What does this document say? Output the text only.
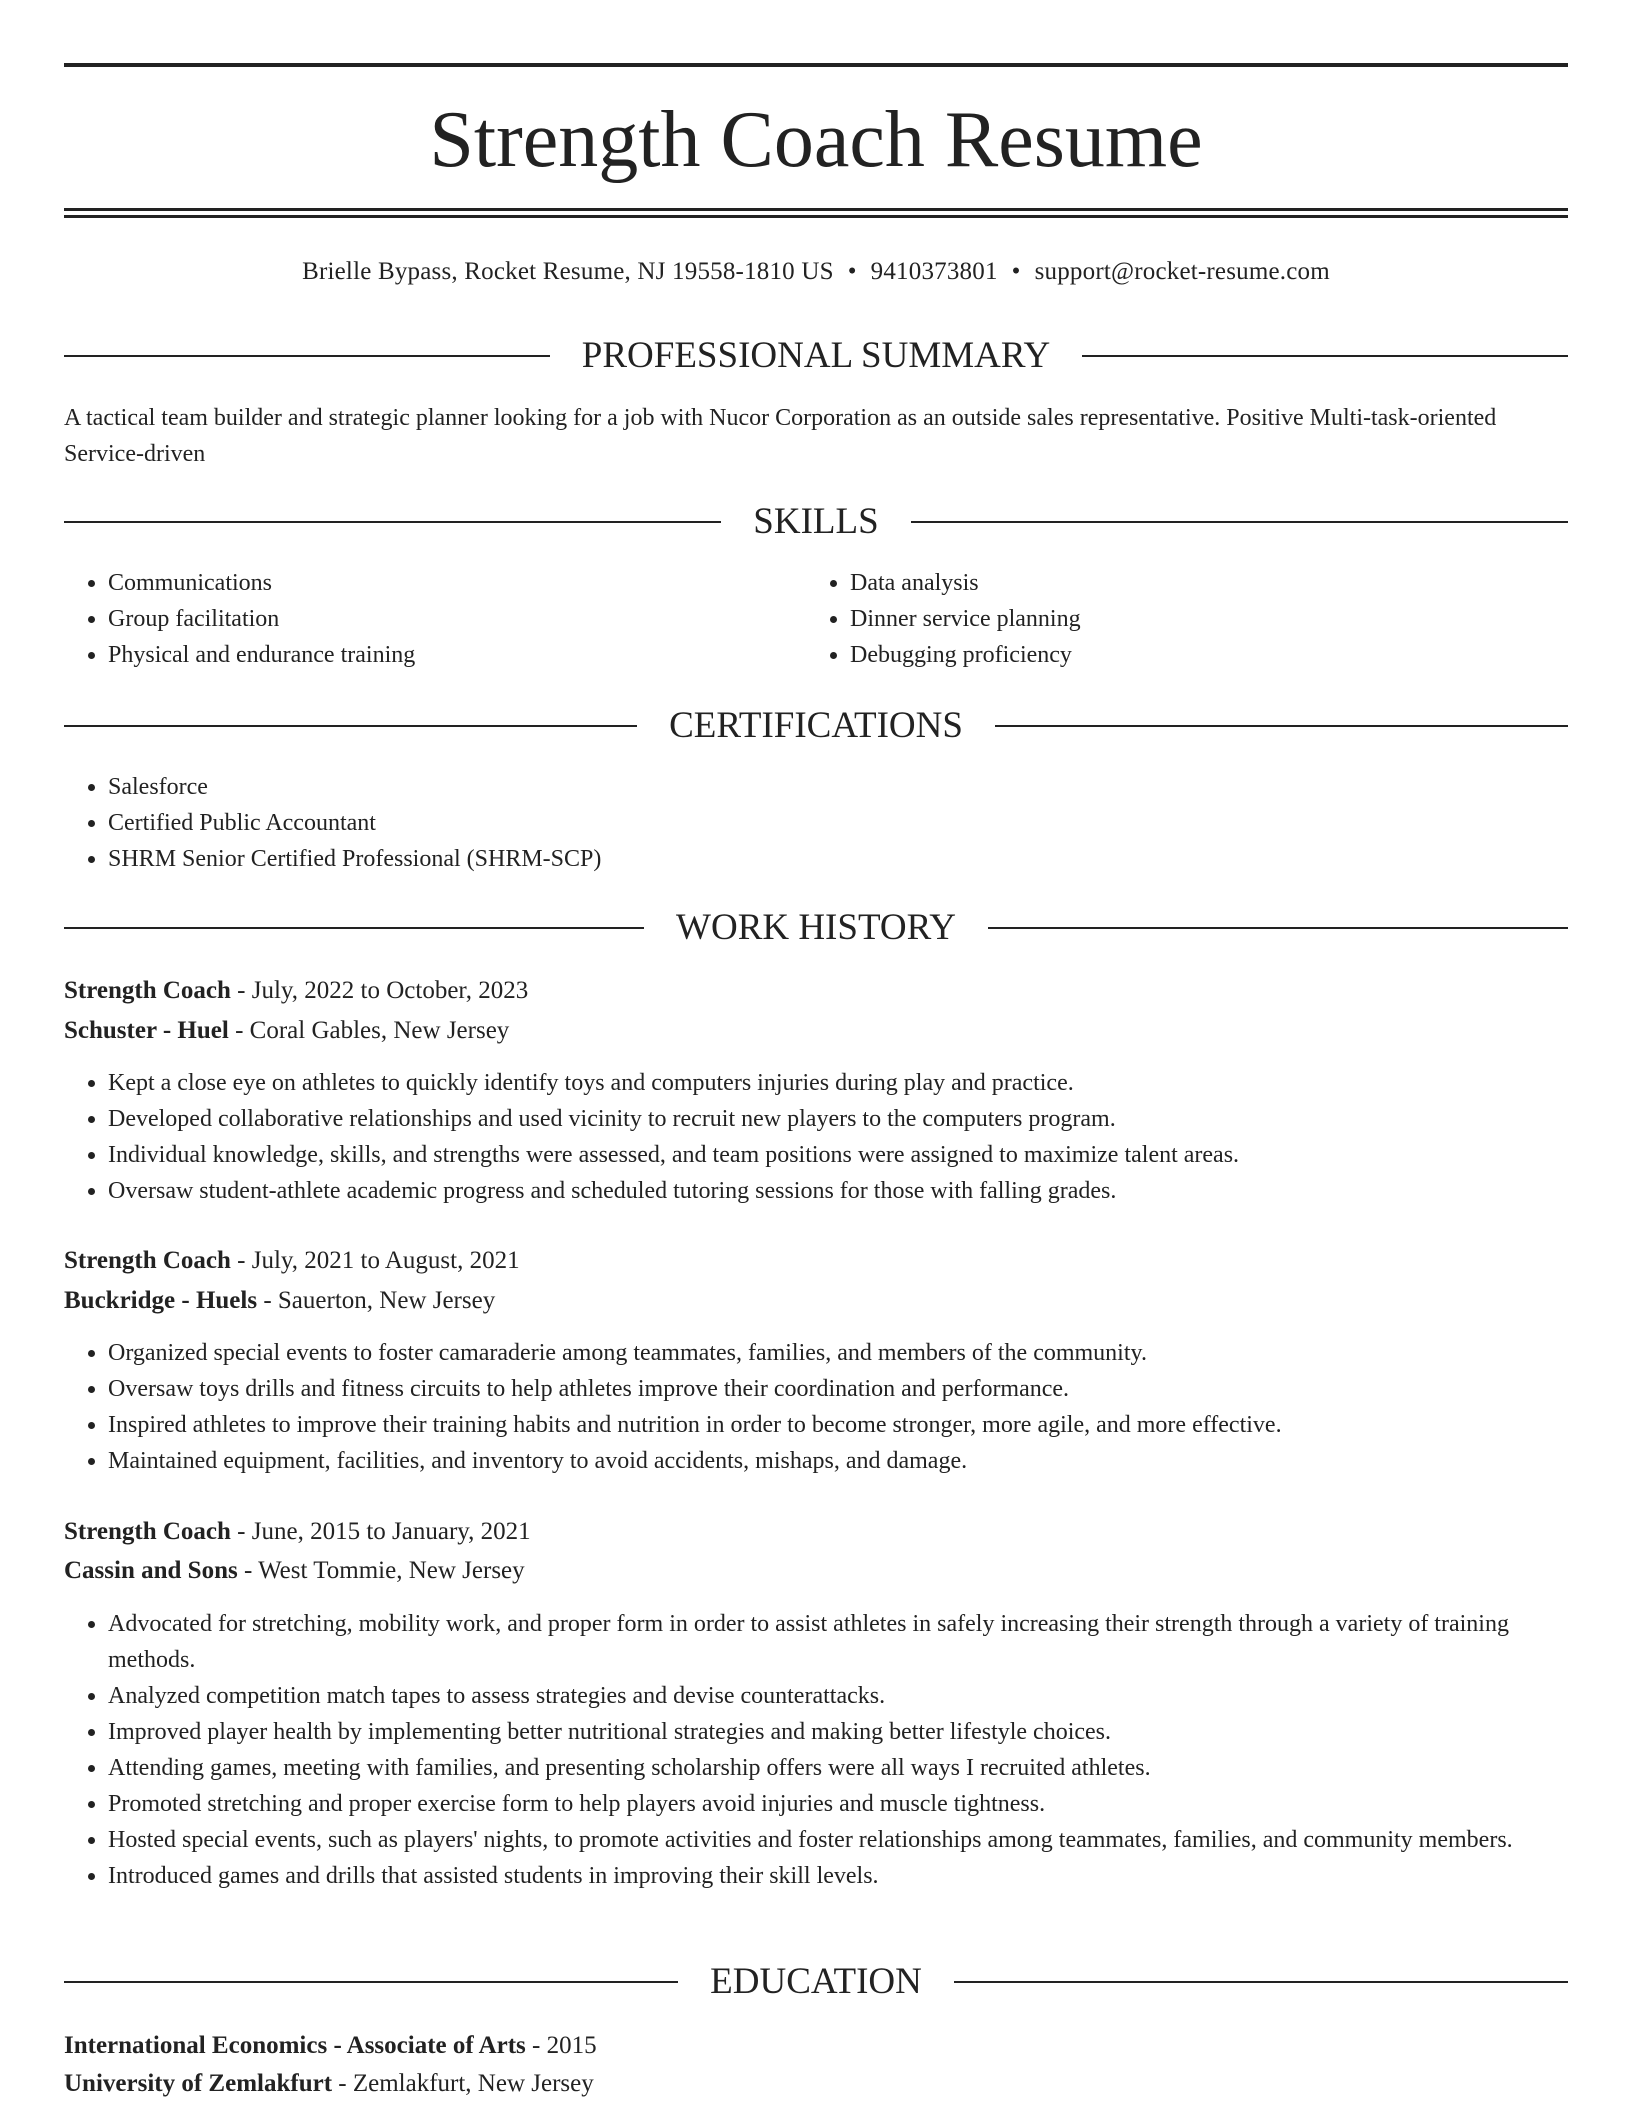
Strength Coach Resume
Brielle Bypass, Rocket Resume, NJ 19558-1810 US • 9410373801 • support@rocket-resume.com
PROFESSIONAL SUMMARY
A tactical team builder and strategic planner looking for a job with Nucor Corporation as an outside sales representative. Positive Multi-task-oriented Service-driven
SKILLS
• Communications
• Group facilitation
• Physical and endurance training
• Data analysis
• Dinner service planning
• Debugging proficiency
CERTIFICATIONS
• Salesforce
• Certified Public Accountant
• SHRM Senior Certified Professional (SHRM-SCP)
WORK HISTORY
Strength Coach - July, 2022 to October, 2023
Schuster - Huel - Coral Gables, New Jersey
• Kept a close eye on athletes to quickly identify toys and computers injuries during play and practice.
• Developed collaborative relationships and used vicinity to recruit new players to the computers program.
• Individual knowledge, skills, and strengths were assessed, and team positions were assigned to maximize talent areas.
• Oversaw student-athlete academic progress and scheduled tutoring sessions for those with falling grades.
Strength Coach - July, 2021 to August, 2021
Buckridge - Huels - Sauerton, New Jersey
• Organized special events to foster camaraderie among teammates, families, and members of the community.
• Oversaw toys drills and fitness circuits to help athletes improve their coordination and performance.
• Inspired athletes to improve their training habits and nutrition in order to become stronger, more agile, and more effective.
• Maintained equipment, facilities, and inventory to avoid accidents, mishaps, and damage.
Strength Coach - June, 2015 to January, 2021
Cassin and Sons - West Tommie, New Jersey
• Advocated for stretching, mobility work, and proper form in order to assist athletes in safely increasing their strength through a variety of training methods.
• Analyzed competition match tapes to assess strategies and devise counterattacks.
• Improved player health by implementing better nutritional strategies and making better lifestyle choices.
• Attending games, meeting with families, and presenting scholarship offers were all ways I recruited athletes.
• Promoted stretching and proper exercise form to help players avoid injuries and muscle tightness.
• Hosted special events, such as players' nights, to promote activities and foster relationships among teammates, families, and community members.
• Introduced games and drills that assisted students in improving their skill levels.
EDUCATION
International Economics - Associate of Arts - 2015
University of Zemlakfurt - Zemlakfurt, New Jersey
